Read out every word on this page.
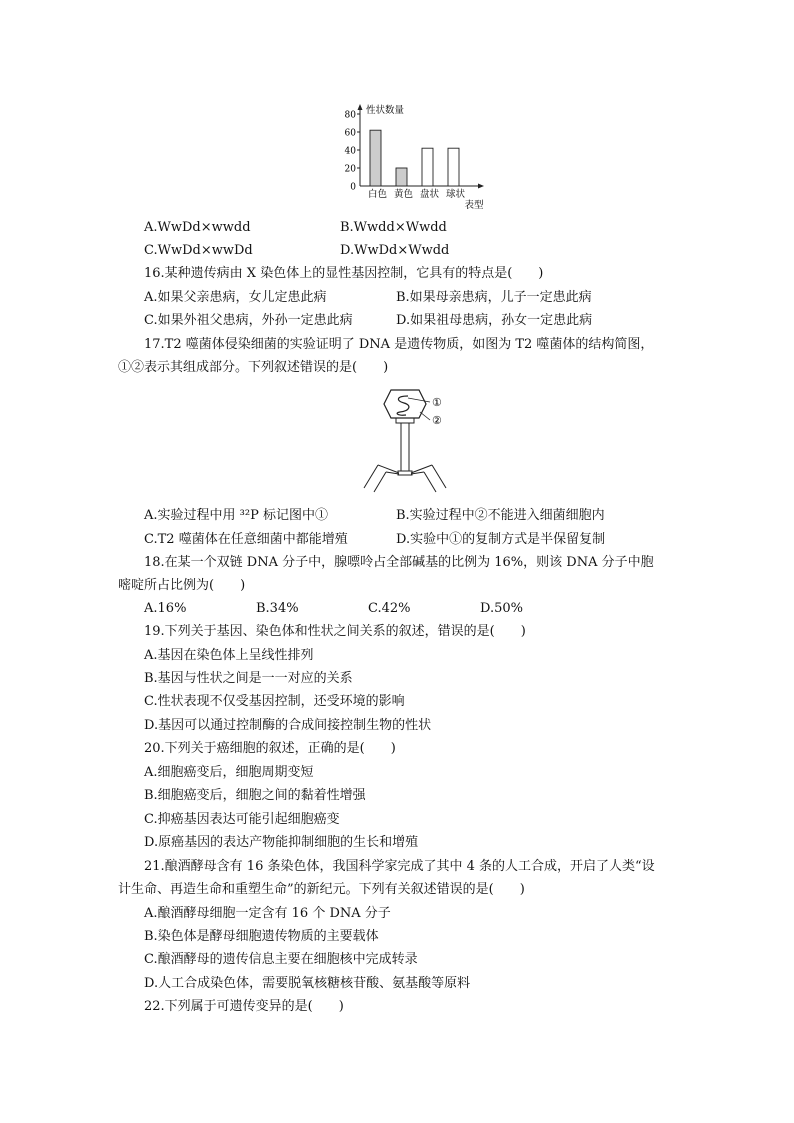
0
20
40
60
80 性状数量
表型
白色 黄色 盘状 球状
A.WwDd×wwdd	B.Wwdd×Wwdd
C.WwDd×wwDd	D.WwDd×Wwdd
16.某种遗传病由 X 染色体上的显性基因控制，它具有的特点是(　　)
A.如果父亲患病，女儿定患此病	B.如果母亲患病，儿子一定患此病
C.如果外祖父患病，外孙一定患此病	D.如果祖母患病，孙女一定患此病
17.T2 噬菌体侵染细菌的实验证明了 DNA 是遗传物质，如图为 T2 噬菌体的结构简图，
①②表示其组成部分。下列叙述错误的是(　　)
①
②
A.实验过程中用 ³²P 标记图中①	B.实验过程中②不能进入细菌细胞内
C.T2 噬菌体在任意细菌中都能增殖	D.实验中①的复制方式是半保留复制
18.在某一个双链 DNA 分子中，腺嘌呤占全部碱基的比例为 16%，则该 DNA 分子中胞
嘧啶所占比例为(　　)
A.16%	B.34%	C.42%	D.50%
19.下列关于基因、染色体和性状之间关系的叙述，错误的是(　　)
A.基因在染色体上呈线性排列
B.基因与性状之间是一一对应的关系
C.性状表现不仅受基因控制，还受环境的影响
D.基因可以通过控制酶的合成间接控制生物的性状
20.下列关于癌细胞的叙述，正确的是(　　)
A.细胞癌变后，细胞周期变短
B.细胞癌变后，细胞之间的黏着性增强
C.抑癌基因表达可能引起细胞癌变
D.原癌基因的表达产物能抑制细胞的生长和增殖
21.酿酒酵母含有 16 条染色体，我国科学家完成了其中 4 条的人工合成，开启了人类“设
计生命、再造生命和重塑生命”的新纪元。下列有关叙述错误的是(　　)
A.酿酒酵母细胞一定含有 16 个 DNA 分子
B.染色体是酵母细胞遗传物质的主要载体
C.酿酒酵母的遗传信息主要在细胞核中完成转录
D.人工合成染色体，需要脱氧核糖核苷酸、氨基酸等原料
22.下列属于可遗传变异的是(　　)
